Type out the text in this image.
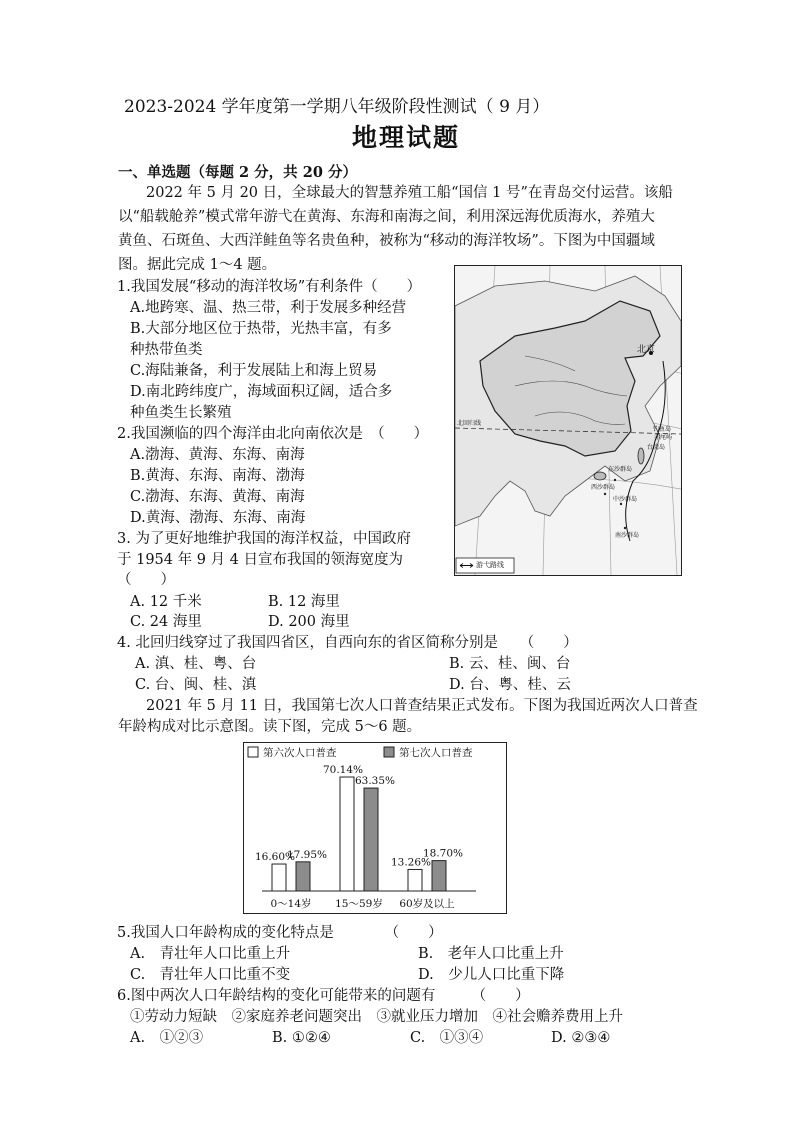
2023-2024 学年度第一学期八年级阶段性测试（ 9 月）
地理试题
一、单选题（每题 2 分，共 20 分）
2022 年 5 月 20 日，全球最大的智慧养殖工船“国信 1 号”在青岛交付运营。该船
以“船载舱养”模式常年游弋在黄海、东海和南海之间，利用深远海优质海水，养殖大
黄鱼、石斑鱼、大西洋鲑鱼等名贵鱼种，被称为“移动的海洋牧场”。下图为中国疆域
图。据此完成 1～4 题。
北京
游弋路线
东沙群岛
西沙群岛
中沙群岛
南沙群岛
北回归线
台湾岛
钓鱼岛
赤尾屿
1.我国发展“移动的海洋牧场”有利条件（　　）
A.地跨寒、温、热三带，利于发展多种经营
B.大部分地区位于热带，光热丰富，有多
种热带鱼类
C.海陆兼备，利于发展陆上和海上贸易
D.南北跨纬度广，海域面积辽阔，适合多
种鱼类生长繁殖
2.我国濒临的四个海洋由北向南依次是　（　　）
A.渤海、黄海、东海、南海
B.黄海、东海、南海、渤海
C.渤海、东海、黄海、南海
D.黄海、渤海、东海、南海
3. 为了更好地维护我国的海洋权益，中国政府
于 1954 年 9 月 4 日宣布我国的领海宽度为
（　　）
A. 12 千米	B. 12 海里
C. 24 海里	D. 200 海里
4. 北回归线穿过了我国四省区，自西向东的省区简称分别是　　（　　）
A. 滇、桂、粤、台	B. 云、桂、闽、台
C. 台、闽、桂、滇	D. 台、粤、桂、云
2021 年 5 月 11 日，我国第七次人口普查结果正式发布。下图为我国近两次人口普查
年龄构成对比示意图。读下图，完成 5～6 题。
第六次人口普查	第七次人口普查
16.60%
17.95%
0～14岁
70.14%
63.35%
15～59岁
13.26%
18.70%
60岁及以上
5.我国人口年龄构成的变化特点是　　　　（　　）
A.　青壮年人口比重上升	B.　老年人口比重上升
C.　青壮年人口比重不变	D.　少儿人口比重下降
6.图中两次人口年龄结构的变化可能带来的问题有　　　（　　）
①劳动力短缺　②家庭养老问题突出　③就业压力增加　④社会赡养费用上升
A.　①②③	B. ①②④	C.　①③④	D. ②③④
